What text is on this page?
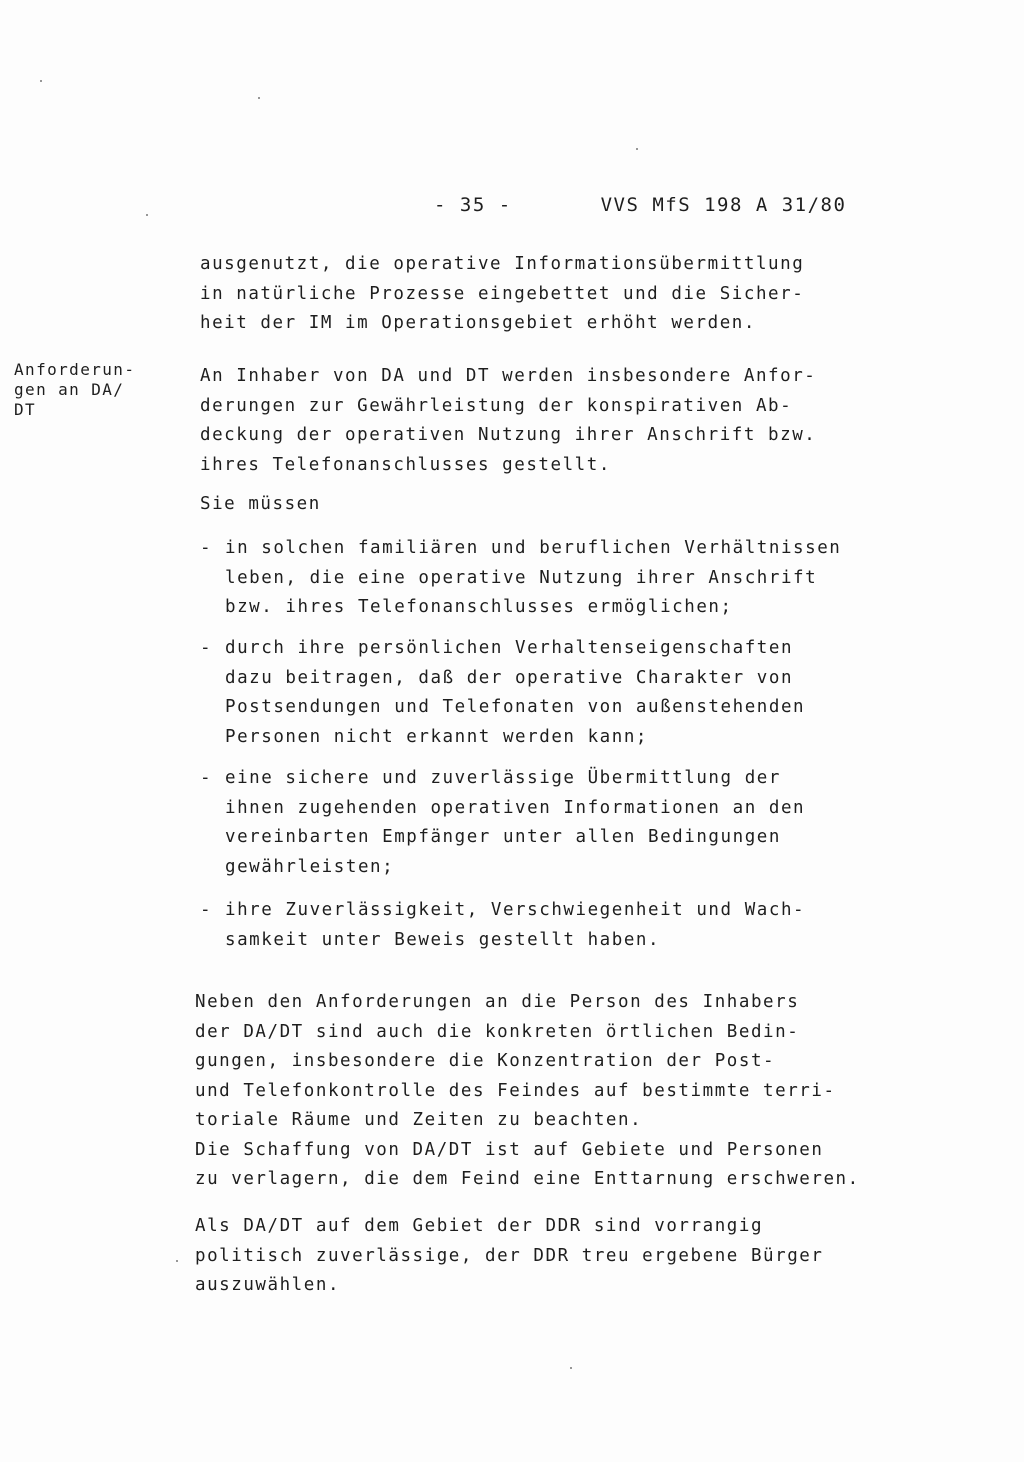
- 35 -	VVS MfS 198 A 31/80
Anforderun-
gen an DA/
DT
ausgenutzt, die operative Informationsübermittlung
in natürliche Prozesse eingebettet und die Sicher-
heit der IM im Operationsgebiet erhöht werden.
An Inhaber von DA und DT werden insbesondere Anfor-
derungen zur Gewährleistung der konspirativen Ab-
deckung der operativen Nutzung ihrer Anschrift bzw.
ihres Telefonanschlusses gestellt.
Sie müssen
- in solchen familiären und beruflichen Verhältnissen
leben, die eine operative Nutzung ihrer Anschrift
bzw. ihres Telefonanschlusses ermöglichen;
- durch ihre persönlichen Verhaltenseigenschaften
dazu beitragen, daß der operative Charakter von
Postsendungen und Telefonaten von außenstehenden
Personen nicht erkannt werden kann;
- eine sichere und zuverlässige Übermittlung der
ihnen zugehenden operativen Informationen an den
vereinbarten Empfänger unter allen Bedingungen
gewährleisten;
- ihre Zuverlässigkeit, Verschwiegenheit und Wach-
samkeit unter Beweis gestellt haben.
Neben den Anforderungen an die Person des Inhabers
der DA/DT sind auch die konkreten örtlichen Bedin-
gungen, insbesondere die Konzentration der Post-
und Telefonkontrolle des Feindes auf bestimmte terri-
toriale Räume und Zeiten zu beachten.
Die Schaffung von DA/DT ist auf Gebiete und Personen
zu verlagern, die dem Feind eine Enttarnung erschweren.
Als DA/DT auf dem Gebiet der DDR sind vorrangig
politisch zuverlässige, der DDR treu ergebene Bürger
auszuwählen.
